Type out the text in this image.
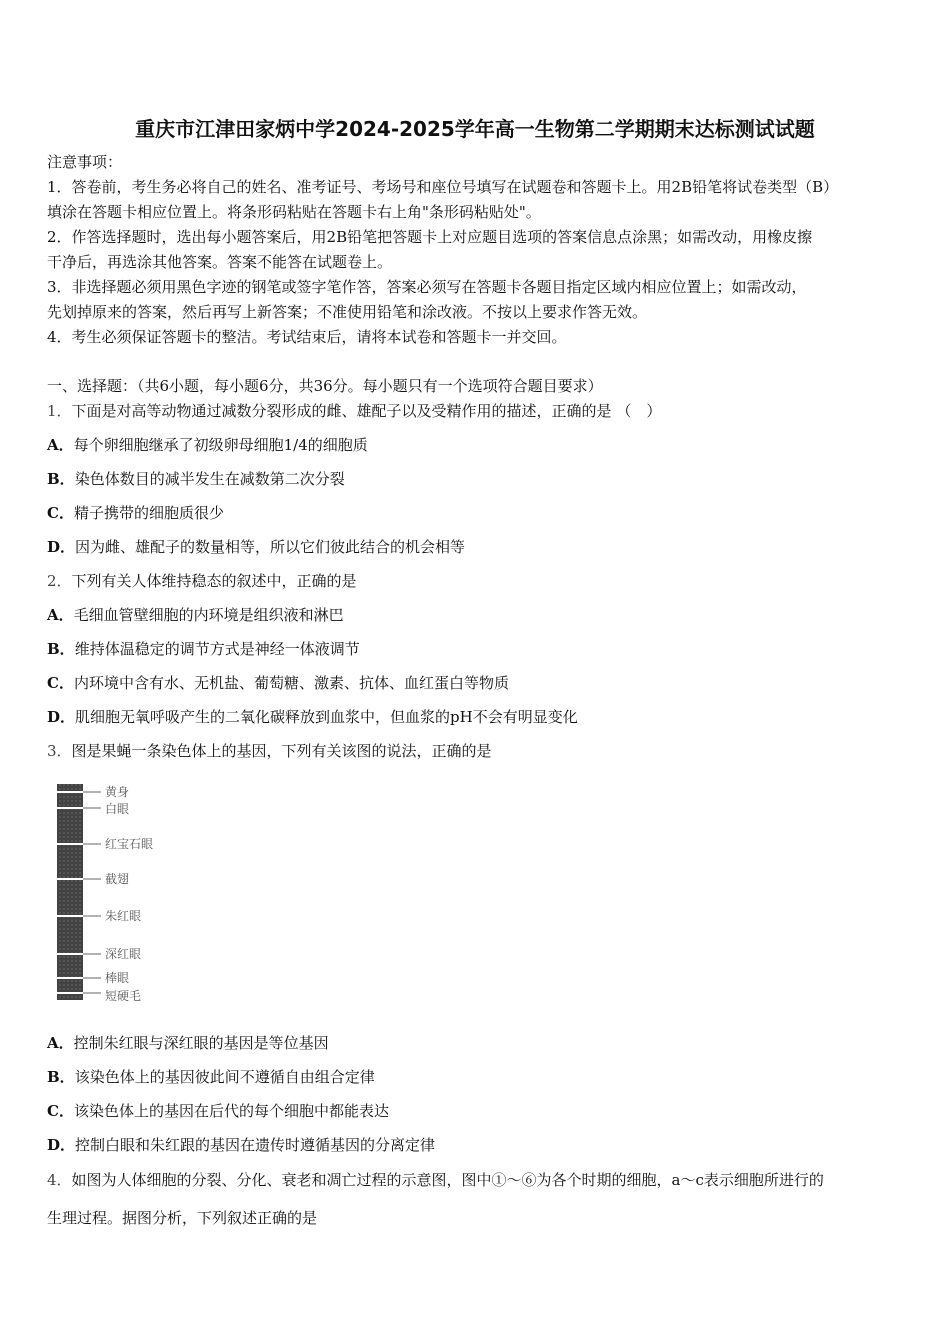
重庆市江津田家炳中学2024-2025学年高一生物第二学期期末达标测试试题
注意事项：
1．答卷前，考生务必将自己的姓名、准考证号、考场号和座位号填写在试题卷和答题卡上。用2B铅笔将试卷类型（B）
填涂在答题卡相应位置上。将条形码粘贴在答题卡右上角"条形码粘贴处"。
2．作答选择题时，选出每小题答案后，用2B铅笔把答题卡上对应题目选项的答案信息点涂黑；如需改动，用橡皮擦
干净后，再选涂其他答案。答案不能答在试题卷上。
3．非选择题必须用黑色字迹的钢笔或签字笔作答，答案必须写在答题卡各题目指定区域内相应位置上；如需改动，
先划掉原来的答案，然后再写上新答案；不准使用铅笔和涂改液。不按以上要求作答无效。
4．考生必须保证答题卡的整洁。考试结束后，请将本试卷和答题卡一并交回。
一、选择题：（共6小题，每小题6分，共36分。每小题只有一个选项符合题目要求）
1．下面是对高等动物通过减数分裂形成的雌、雄配子以及受精作用的描述，正确的是 （　）
A．每个卵细胞继承了初级卵母细胞1/4的细胞质
B．染色体数目的减半发生在减数第二次分裂
C．精子携带的细胞质很少
D．因为雌、雄配子的数量相等，所以它们彼此结合的机会相等
2．下列有关人体维持稳态的叙述中，正确的是
A．毛细血管壁细胞的内环境是组织液和淋巴
B．维持体温稳定的调节方式是神经一体液调节
C．内环境中含有水、无机盐、葡萄糖、激素、抗体、血红蛋白等物质
D．肌细胞无氧呼吸产生的二氧化碳释放到血浆中，但血浆的pH不会有明显变化
3．图是果蝇一条染色体上的基因，下列有关该图的说法，正确的是
黄身
白眼
红宝石眼
截翅
朱红眼
深红眼
棒眼
短硬毛
A．控制朱红眼与深红眼的基因是等位基因
B．该染色体上的基因彼此间不遵循自由组合定律
C．该染色体上的基因在后代的每个细胞中都能表达
D．控制白眼和朱红跟的基因在遗传时遵循基因的分离定律
4．如图为人体细胞的分裂、分化、衰老和凋亡过程的示意图，图中①～⑥为各个时期的细胞，a～c表示细胞所进行的
生理过程。据图分析，下列叙述正确的是
